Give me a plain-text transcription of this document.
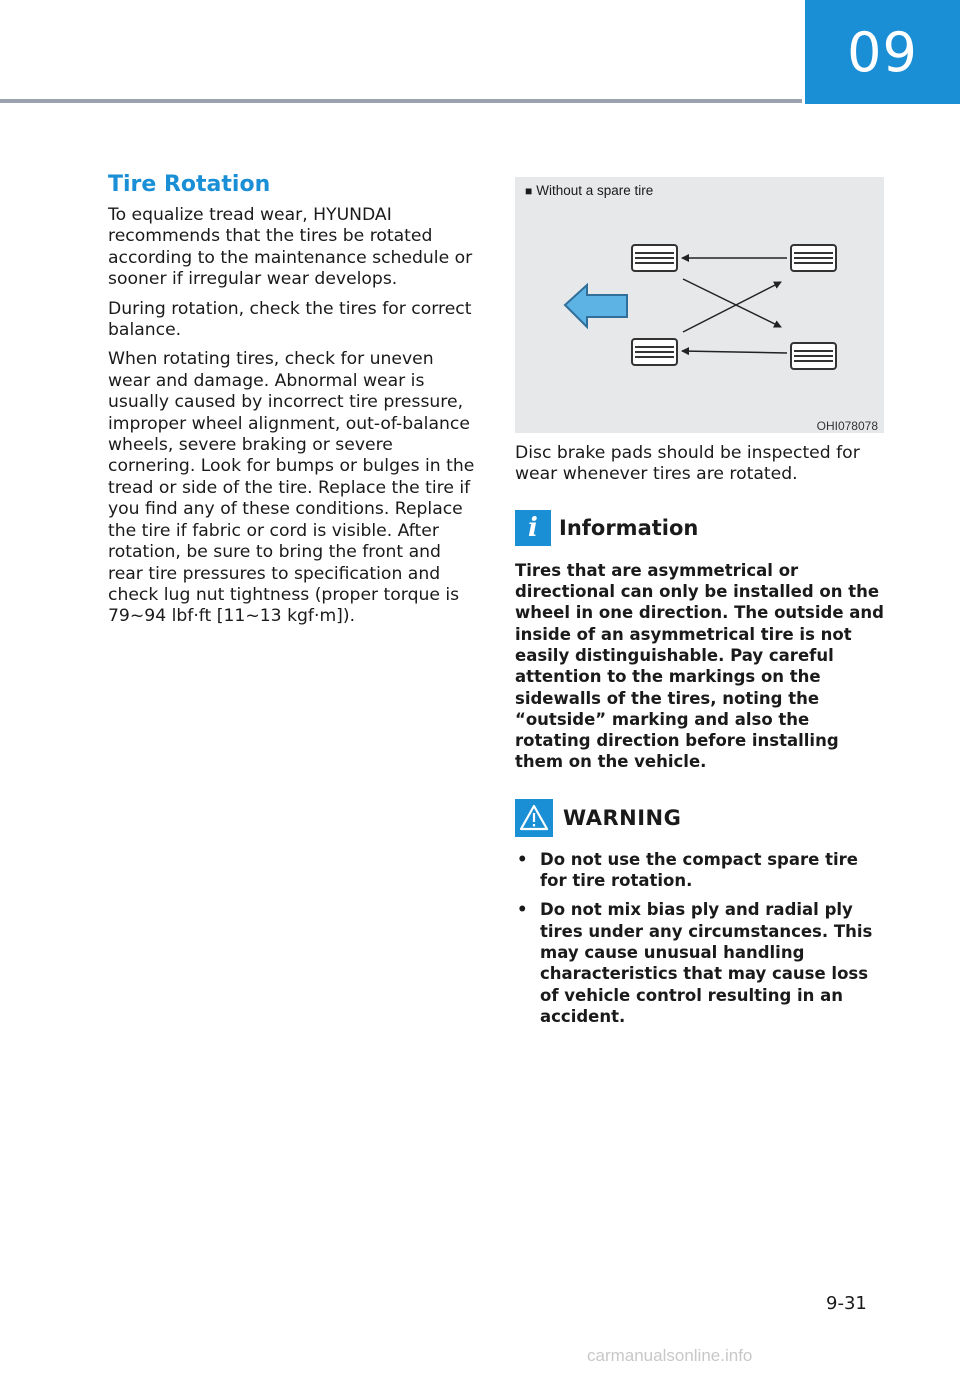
09
Tire Rotation

To equalize tread wear, HYUNDAI recommends that the tires be rotated according to the maintenance schedule or sooner if irregular wear develops.

During rotation, check the tires for correct balance.

When rotating tires, check for uneven wear and damage. Abnormal wear is usually caused by incorrect tire pressure, improper wheel alignment, out-of-balance wheels, severe braking or severe cornering. Look for bumps or bulges in the tread or side of the tire. Replace the tire if you find any of these conditions. Replace the tire if fabric or cord is visible. After rotation, be sure to bring the front and rear tire pressures to specification and check lug nut tightness (proper torque is 79~94 lbf·ft [11~13 kgf·m]).

■ Without a spare tire
OHI078078

Disc brake pads should be inspected for wear whenever tires are rotated.

i	Information

Tires that are asymmetrical or directional can only be installed on the wheel in one direction. The outside and inside of an asymmetrical tire is not easily distinguishable. Pay careful attention to the markings on the sidewalls of the tires, noting the “outside” marking and also the rotating direction before installing them on the vehicle.

WARNING
• Do not use the compact spare tire for tire rotation.
• Do not mix bias ply and radial ply tires under any circumstances. This may cause unusual handling characteristics that may cause loss of vehicle control resulting in an accident.
9-31
carmanualsonline.info
